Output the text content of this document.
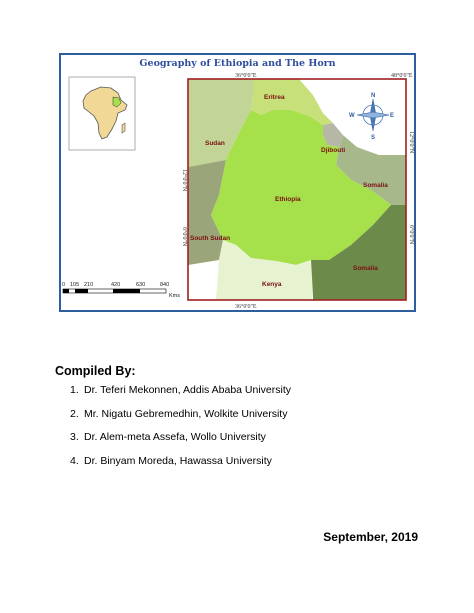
Geography of Ethiopia and The Horn
Eritrea
Sudan
Djibouti
Ethiopia
Somalia
South Sudan
Kenya
Somalia
36°0'0"E	48°0'0"E
36°0'0"E
12°0'0"N
6°0'0"N
12°0'0"N
6°0'0"N
N
S
E
W
0 105 210	420	630	840
Kms
Compiled By:
1. Dr. Teferi Mekonnen, Addis Ababa University
2. Mr. Nigatu Gebremedhin, Wolkite University
3. Dr. Alem-meta Assefa, Wollo University
4. Dr. Binyam Moreda, Hawassa University
September, 2019
